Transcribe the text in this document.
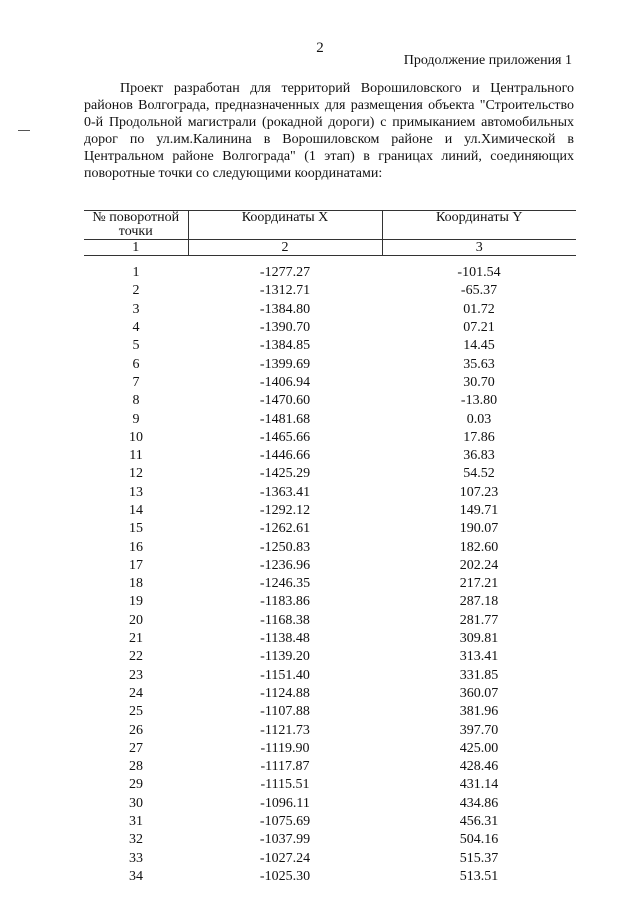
2
Продолжение приложения 1

Проект разработан для территорий Ворошиловского и Центрального районов Волгограда, предназначенных для размещения объекта "Строительство 0-й Продольной магистрали (рокадной дороги) с примыканием автомобильных дорог по ул.им.Калинина в Ворошиловском районе и ул.Химической в Центральном районе Волгограда" (1 этап) в границах линий, соединяющих поворотные точки со следующими координатами:

№ поворотной точки	Координаты X	Координаты Y

1	2	3
1	-1277.27	-101.54
2	-1312.71	-65.37
3	-1384.80	01.72
4	-1390.70	07.21
5	-1384.85	14.45
6	-1399.69	35.63
7	-1406.94	30.70
8	-1470.60	-13.80
9	-1481.68	0.03
10	-1465.66	17.86
11	-1446.66	36.83
12	-1425.29	54.52
13	-1363.41	107.23
14	-1292.12	149.71
15	-1262.61	190.07
16	-1250.83	182.60
17	-1236.96	202.24
18	-1246.35	217.21
19	-1183.86	287.18
20	-1168.38	281.77
21	-1138.48	309.81
22	-1139.20	313.41
23	-1151.40	331.85
24	-1124.88	360.07
25	-1107.88	381.96
26	-1121.73	397.70
27	-1119.90	425.00
28	-1117.87	428.46
29	-1115.51	431.14
30	-1096.11	434.86
31	-1075.69	456.31
32	-1037.99	504.16
33	-1027.24	515.37
34	-1025.30	513.51
